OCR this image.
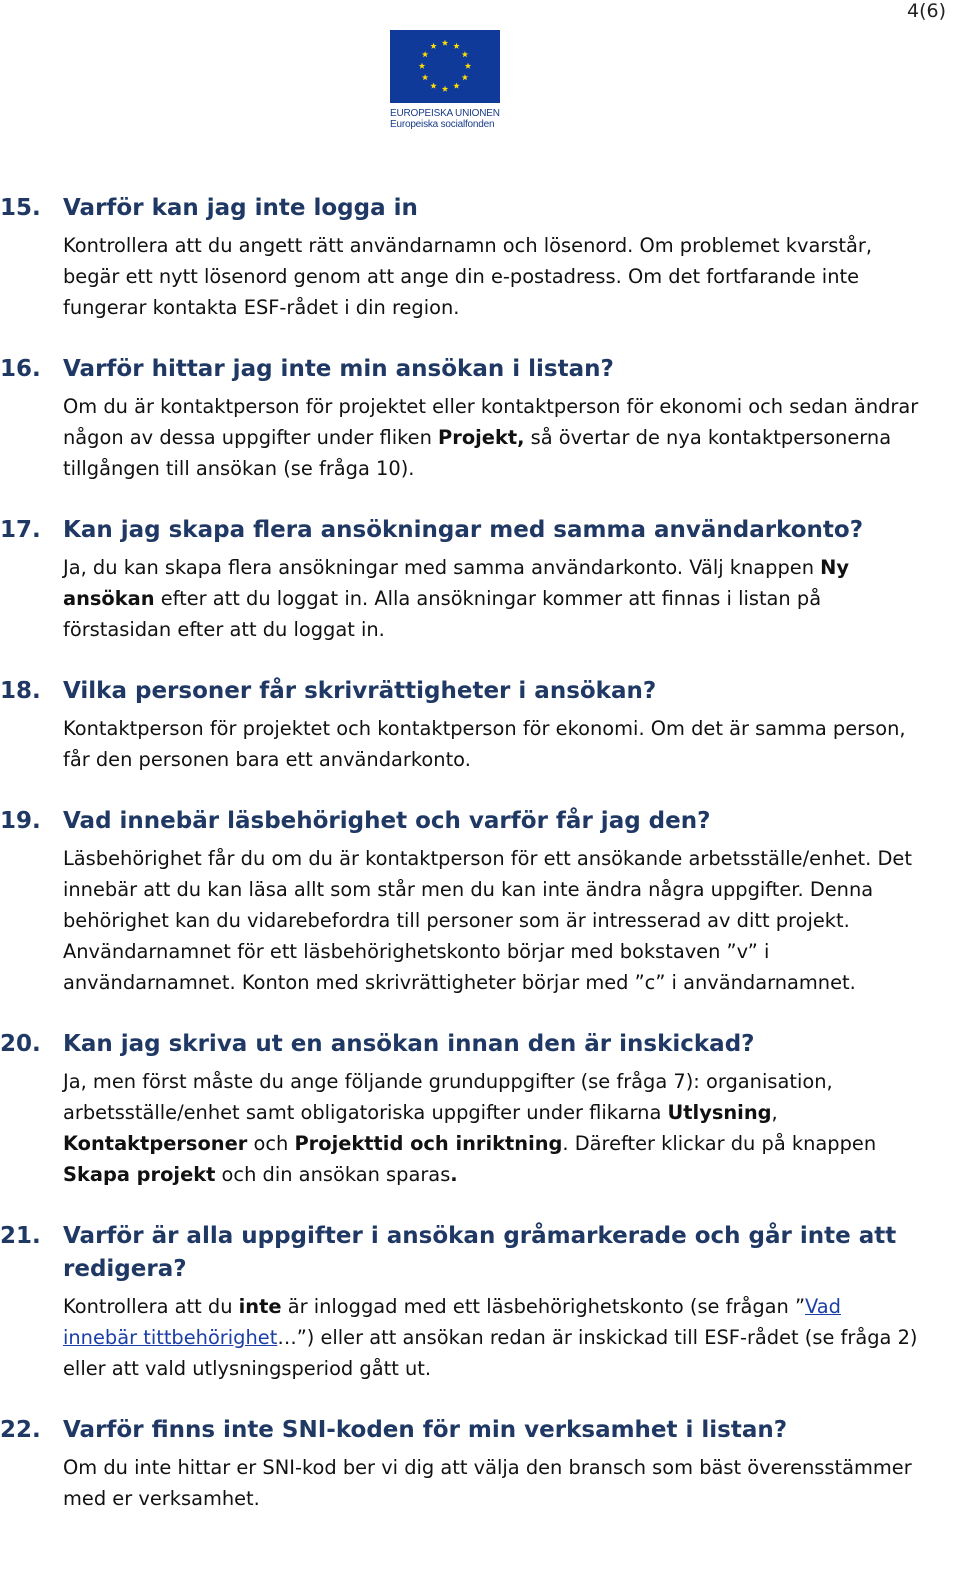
4(6)
EUROPEISKA UNIONEN
Europeiska socialfonden
15. Varför kan jag inte logga in
Kontrollera att du angett rätt användarnamn och lösenord. Om problemet kvarstår, begär ett nytt lösenord genom att ange din e-postadress. Om det fortfarande inte fungerar kontakta ESF-rådet i din region.
16. Varför hittar jag inte min ansökan i listan?
Om du är kontaktperson för projektet eller kontaktperson för ekonomi och sedan ändrar någon av dessa uppgifter under fliken Projekt, så övertar de nya kontaktpersonerna tillgången till ansökan (se fråga 10).
17. Kan jag skapa flera ansökningar med samma användarkonto?
Ja, du kan skapa flera ansökningar med samma användarkonto. Välj knappen Ny ansökan efter att du loggat in. Alla ansökningar kommer att finnas i listan på förstasidan efter att du loggat in.
18. Vilka personer får skrivrättigheter i ansökan?
Kontaktperson för projektet och kontaktperson för ekonomi. Om det är samma person, får den personen bara ett användarkonto.
19. Vad innebär läsbehörighet och varför får jag den?
Läsbehörighet får du om du är kontaktperson för ett ansökande arbetsställe/enhet. Det innebär att du kan läsa allt som står men du kan inte ändra några uppgifter. Denna behörighet kan du vidarebefordra till personer som är intresserad av ditt projekt. Användarnamnet för ett läsbehörighetskonto börjar med bokstaven ”v” i användarnamnet. Konton med skrivrättigheter börjar med ”c” i användarnamnet.
20. Kan jag skriva ut en ansökan innan den är inskickad?
Ja, men först måste du ange följande grunduppgifter (se fråga 7): organisation, arbetsställe/enhet samt obligatoriska uppgifter under flikarna Utlysning, Kontaktpersoner och Projekttid och inriktning. Därefter klickar du på knappen Skapa projekt och din ansökan sparas.
21. Varför är alla uppgifter i ansökan gråmarkerade och går inte att redigera?
Kontrollera att du inte är inloggad med ett läsbehörighetskonto (se frågan ”Vad innebär tittbehörighet…”) eller att ansökan redan är inskickad till ESF-rådet (se fråga 2) eller att vald utlysningsperiod gått ut.
22. Varför finns inte SNI-koden för min verksamhet i listan?
Om du inte hittar er SNI-kod ber vi dig att välja den bransch som bäst överensstämmer med er verksamhet.
